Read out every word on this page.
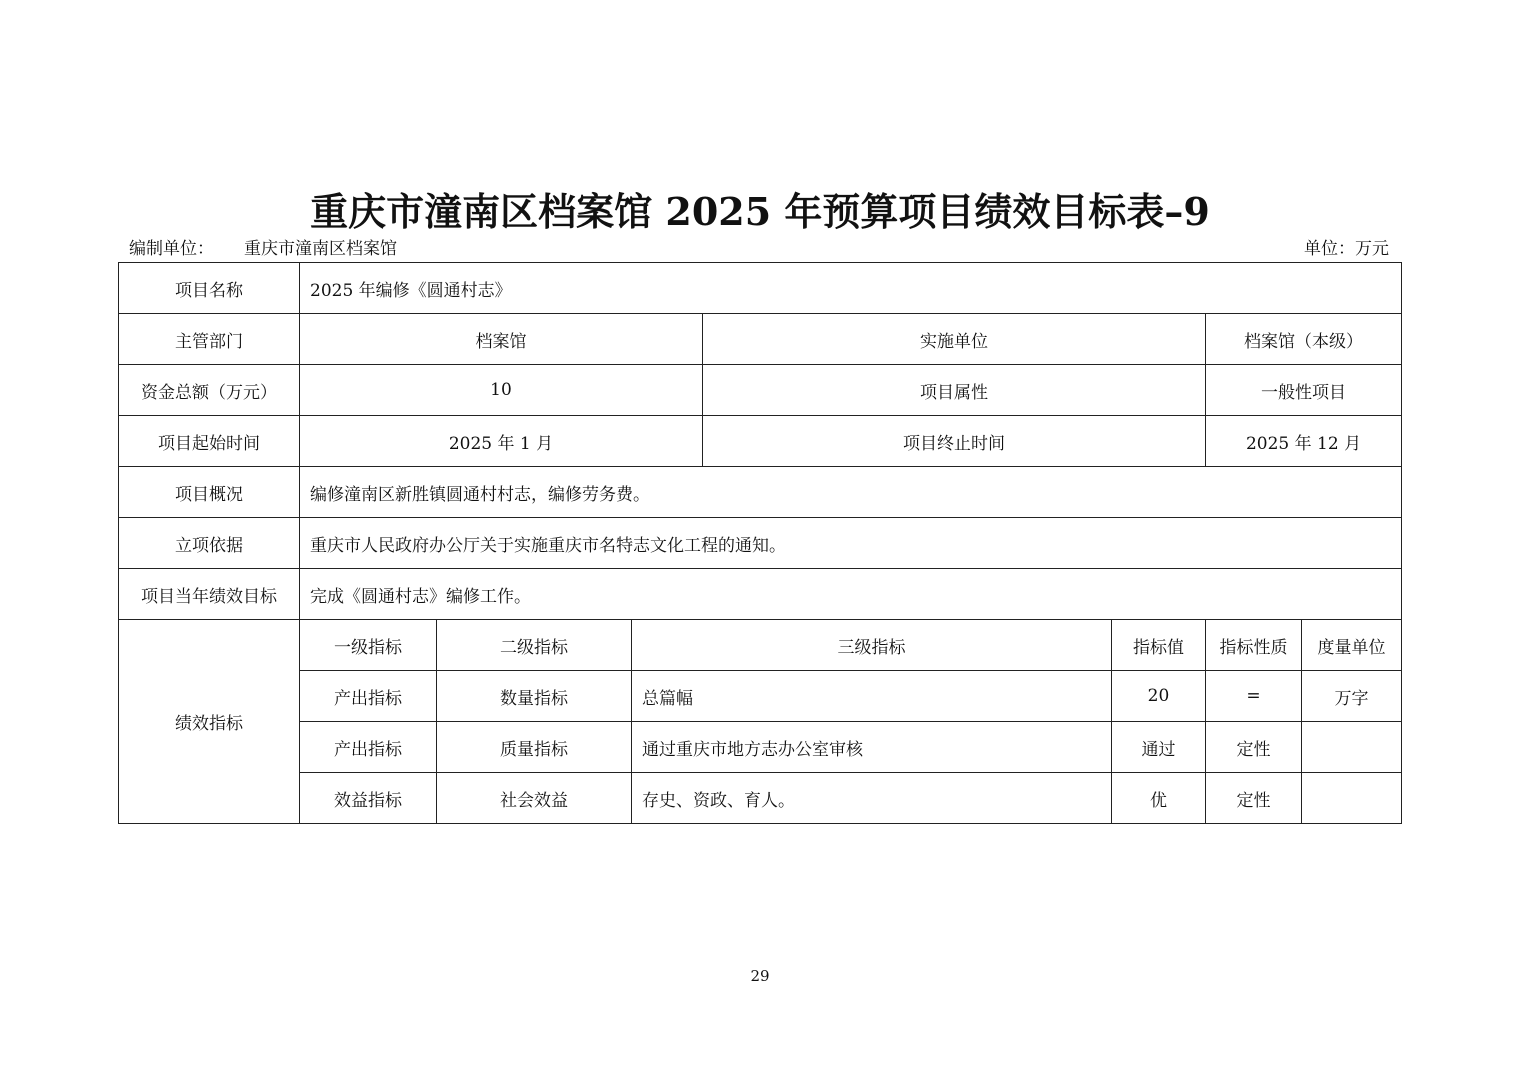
重庆市潼南区档案馆 2025 年预算项目绩效目标表–9
编制单位： 重庆市潼南区档案馆	单位：万元
项目名称	2025 年编修《圆通村志》						
主管部门	档案馆			实施单位		档案馆（本级）	
资金总额（万元）	10			项目属性		一般性项目	
项目起始时间	2025 年 1 月			项目终止时间		2025 年 12 月	
项目概况	编修潼南区新胜镇圆通村村志，编修劳务费。						
立项依据	重庆市人民政府办公厅关于实施重庆市名特志文化工程的通知。						
项目当年绩效目标	完成《圆通村志》编修工作。						
绩效指标	一级指标	二级指标	三级指标		指标值	指标性质	度量单位
	产出指标	数量指标	总篇幅		20	=	万字
	产出指标	质量指标	通过重庆市地方志办公室审核		通过	定性	
	效益指标	社会效益	存史、资政、育人。		优	定性	
29
